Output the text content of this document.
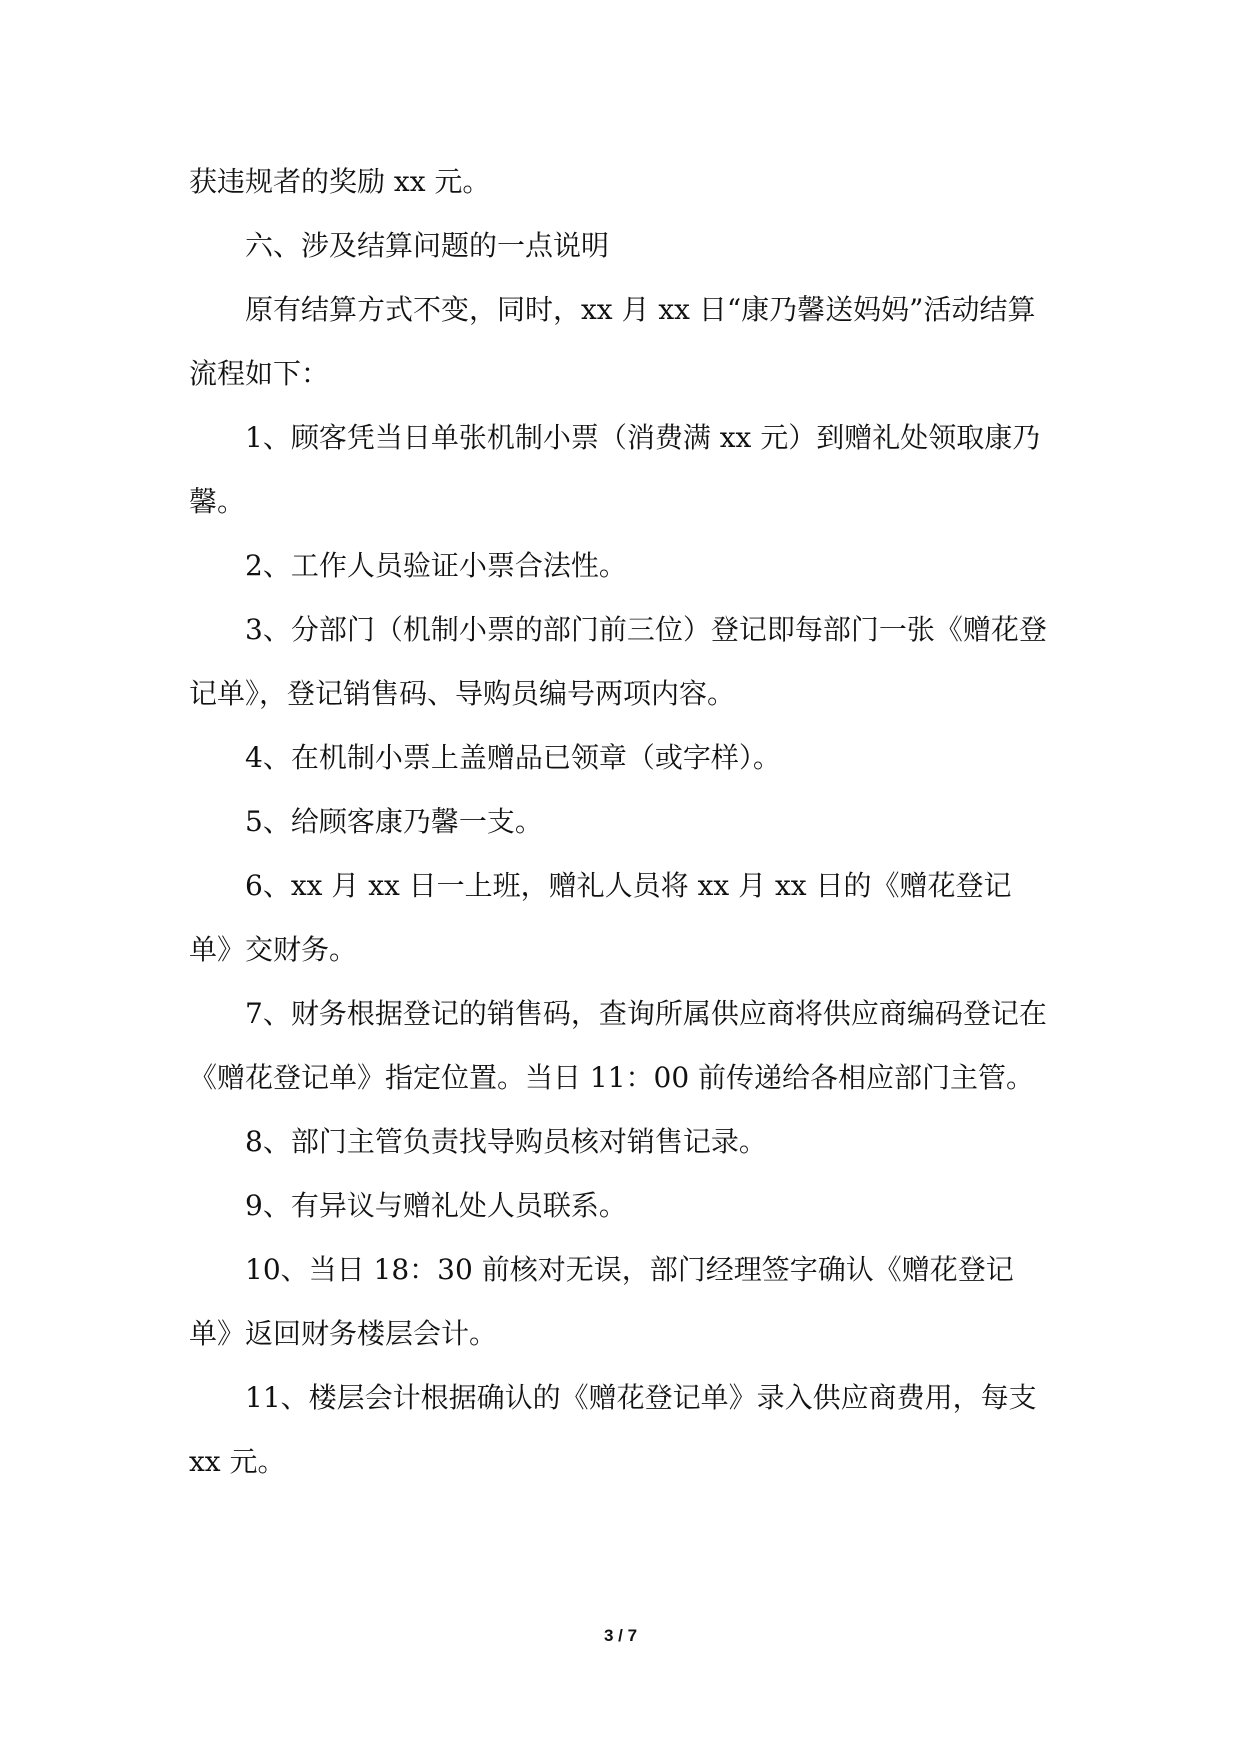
获违规者的奖励 xx 元。

六、涉及结算问题的一点说明

原有结算方式不变，同时，xx 月 xx 日“康乃馨送妈妈”活动结算流程如下：

1、顾客凭当日单张机制小票（消费满 xx 元）到赠礼处领取康乃馨。

2、工作人员验证小票合法性。

3、分部门（机制小票的部门前三位）登记即每部门一张《赠花登记单》，登记销售码、导购员编号两项内容。

4、在机制小票上盖赠品已领章（或字样）。

5、给顾客康乃馨一支。

6、xx 月 xx 日一上班，赠礼人员将 xx 月 xx 日的《赠花登记单》交财务。

7、财务根据登记的销售码，查询所属供应商将供应商编码登记在《赠花登记单》指定位置。当日 11：00 前传递给各相应部门主管。

8、部门主管负责找导购员核对销售记录。

9、有异议与赠礼处人员联系。

10、当日 18：30 前核对无误，部门经理签字确认《赠花登记单》返回财务楼层会计。

11、楼层会计根据确认的《赠花登记单》录入供应商费用，每支 xx 元。

3 / 7
